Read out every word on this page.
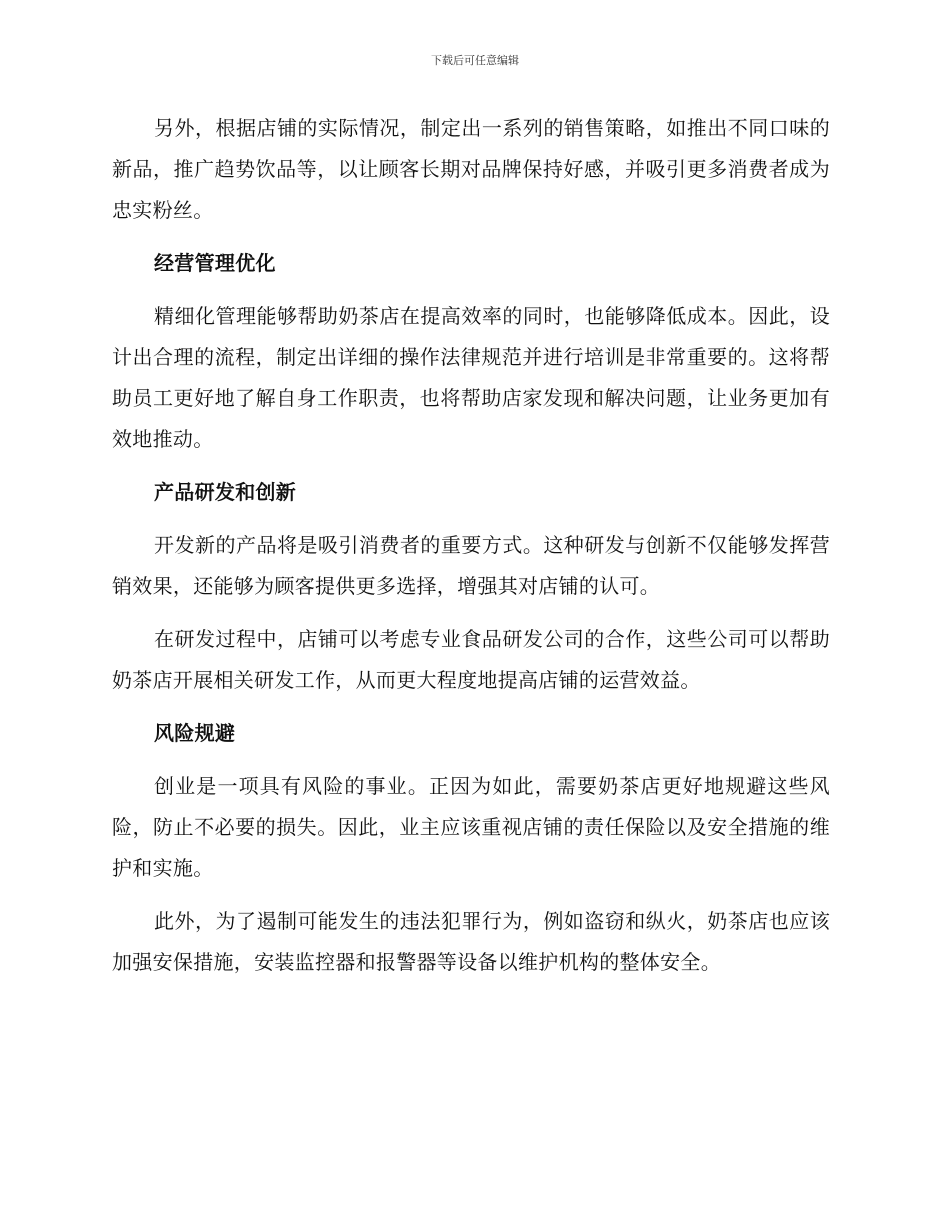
下载后可任意编辑

另外，根据店铺的实际情况，制定出一系列的销售策略，如推出不同口味的新品，推广趋势饮品等，以让顾客长期对品牌保持好感，并吸引更多消费者成为忠实粉丝。

经营管理优化

精细化管理能够帮助奶茶店在提高效率的同时，也能够降低成本。因此，设计出合理的流程，制定出详细的操作法律规范并进行培训是非常重要的。这将帮助员工更好地了解自身工作职责，也将帮助店家发现和解决问题，让业务更加有效地推动。

产品研发和创新

开发新的产品将是吸引消费者的重要方式。这种研发与创新不仅能够发挥营销效果，还能够为顾客提供更多选择，增强其对店铺的认可。

在研发过程中，店铺可以考虑专业食品研发公司的合作，这些公司可以帮助奶茶店开展相关研发工作，从而更大程度地提高店铺的运营效益。

风险规避

创业是一项具有风险的事业。正因为如此，需要奶茶店更好地规避这些风险，防止不必要的损失。因此，业主应该重视店铺的责任保险以及安全措施的维护和实施。

此外，为了遏制可能发生的违法犯罪行为，例如盗窃和纵火，奶茶店也应该加强安保措施，安装监控器和报警器等设备以维护机构的整体安全。
